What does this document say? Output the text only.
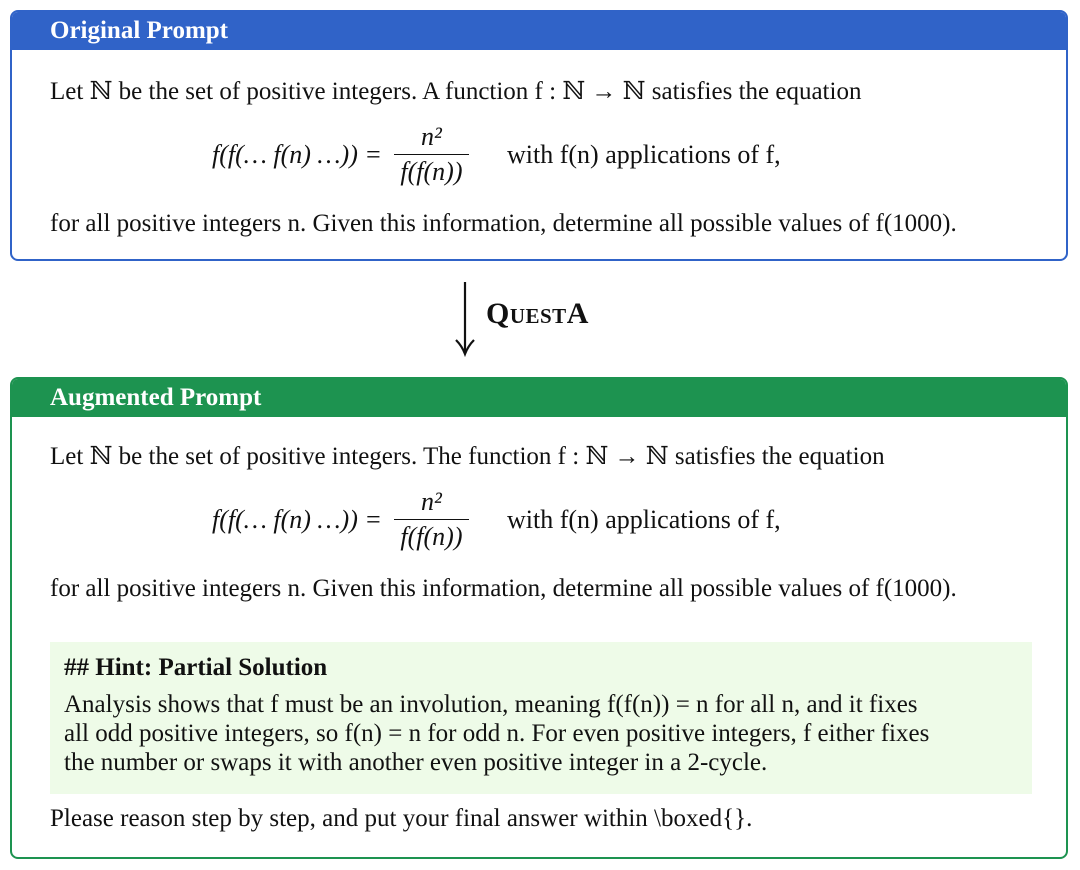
Original Prompt
Let ℕ be the set of positive integers. A function f : ℕ → ℕ satisfies the equation
f(f(… f(n) …)) = $\frac{\text{n²}}{f(f(n))}$ with f(n) applications of f,
for all positive integers n. Given this information, determine all possible values of f(1000).
QuestA
Augmented Prompt
Let ℕ be the set of positive integers. The function f : ℕ → ℕ satisfies the equation
f(f(… f(n) …)) = $\frac{\text{n²}}{f(f(n))}$ with f(n) applications of f,
for all positive integers n. Given this information, determine all possible values of f(1000).
## Hint: Partial Solution
Analysis shows that f must be an involution, meaning f(f(n)) = n for all n, and it fixes
all odd positive integers, so f(n) = n for odd n. For even positive integers, f either fixes
the number or swaps it with another even positive integer in a 2-cycle.
Please reason step by step, and put your final answer within \boxed{}.
